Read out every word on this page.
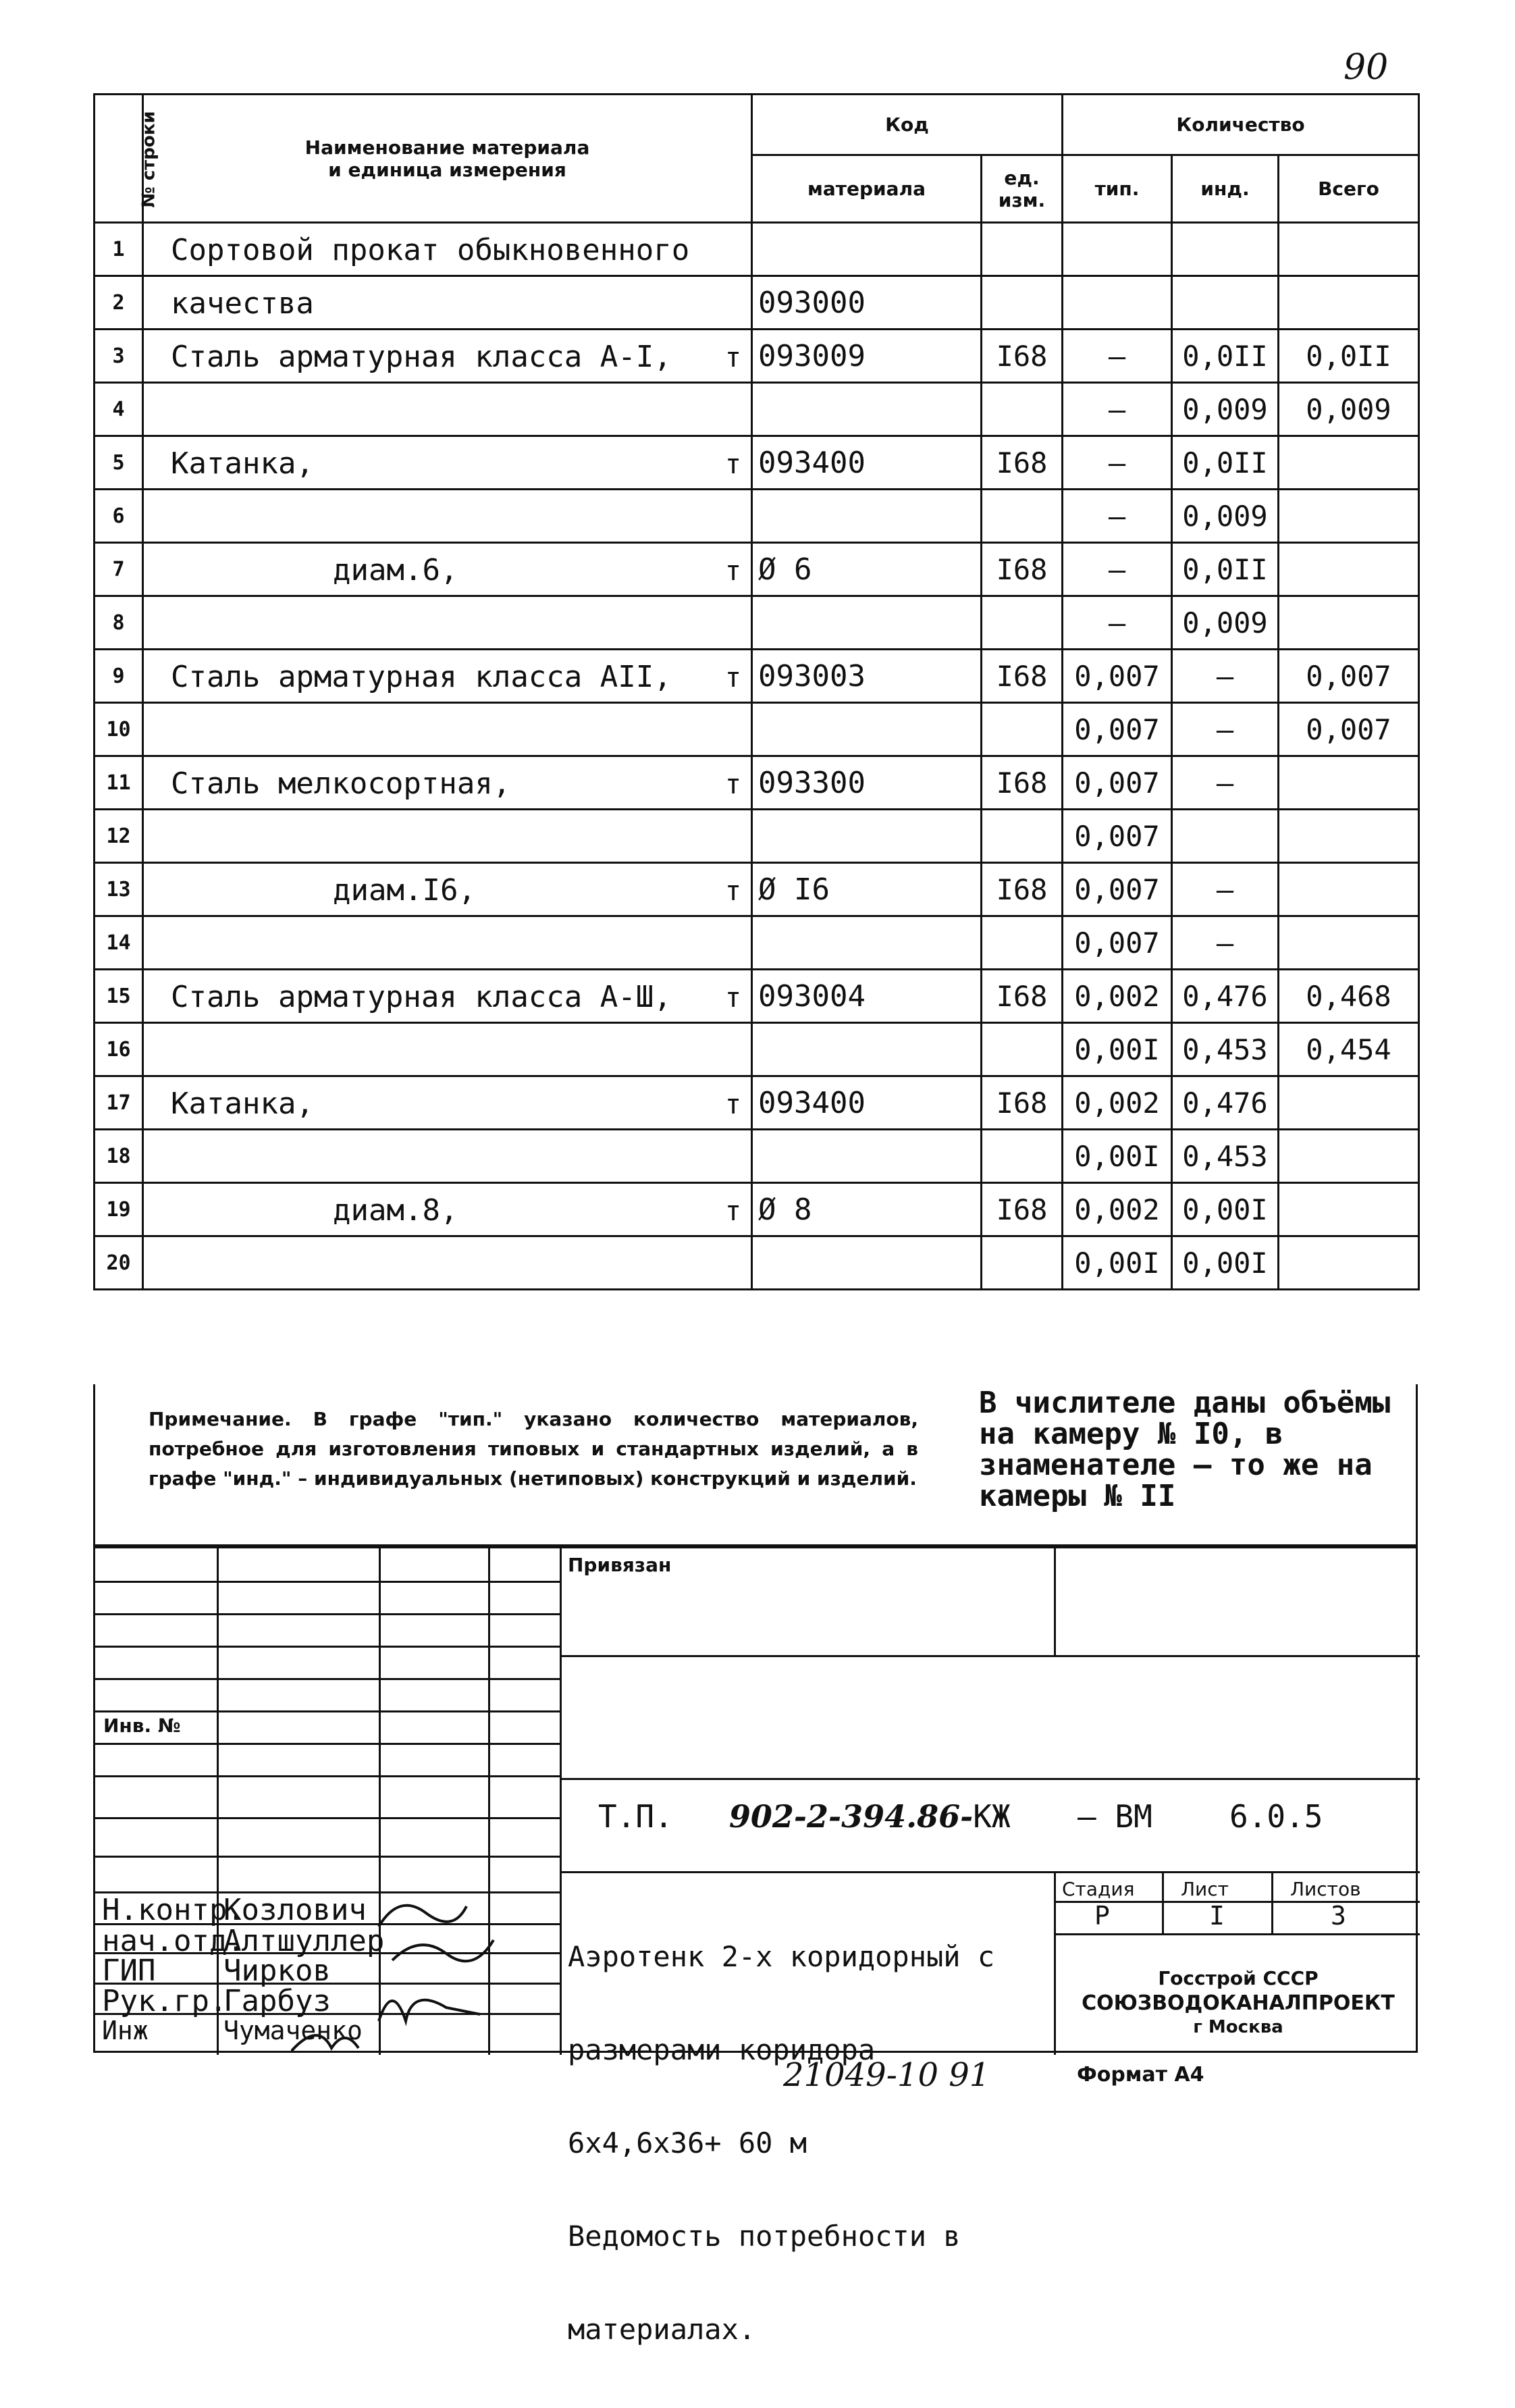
90
№ строки	Наименование материала
и единица измерения	Код		Количество		
		материала	ед.
изм.	тип.	инд.	Всего
1	Сортовой прокат обыкновенного					

2	качества	093000				
3	Сталь арматурная класса А-I, т	093009	I68	–	0,0II	0,0II
4				–	0,009	0,009
5	Катанка, т	093400	I68	–	0,0II	
6				–	0,009	
7	диам.6, т	Ø 6	I68	–	0,0II	
8				–	0,009	
9	Сталь арматурная класса АII, т	093003	I68	0,007	–	0,007
10				0,007	–	0,007
11	Сталь мелкосортная, т	093300	I68	0,007	–	
12				0,007		
13	диам.I6, т	Ø I6	I68	0,007	–	
14				0,007	–	
15	Сталь арматурная класса А-Ш, т	093004	I68	0,002	0,476	0,468
16				0,00I	0,453	0,454
17	Катанка, т	093400	I68	0,002	0,476	
18				0,00I	0,453	
19	диам.8, т	Ø 8	I68	0,002	0,00I	
20				0,00I	0,00I	
Примечание. В графе "тип." указано количество материалов, потребное для изготовления типовых и стандартных изделий, а в графе "инд." – индивидуальных (нетиповых) конструкций и изделий.
В числителе даны объёмы на камеру № I0, в знаменателе – то же на камеры № II
Инв. №
Привязан
Т.П. 902-2-394.86-КЖ – ВМ 6.0.5
Стадия Лист	Листов
Р	I	3
Госстрой СССР
СОЮЗВОДОКАНАЛПРОЕКТ
г Москва

Аэротенк 2-х коридорный с

размерами коридора

6х4,6х36+ 60 м

Ведомость потребности в

материалах.

Н.контр.
Козлович
нач.отд.
Алтшуллер
ГИП Чирков
Рук.гр.
Гарбуз
Инж	Чумаченко
21049-10 91	Формат А4
